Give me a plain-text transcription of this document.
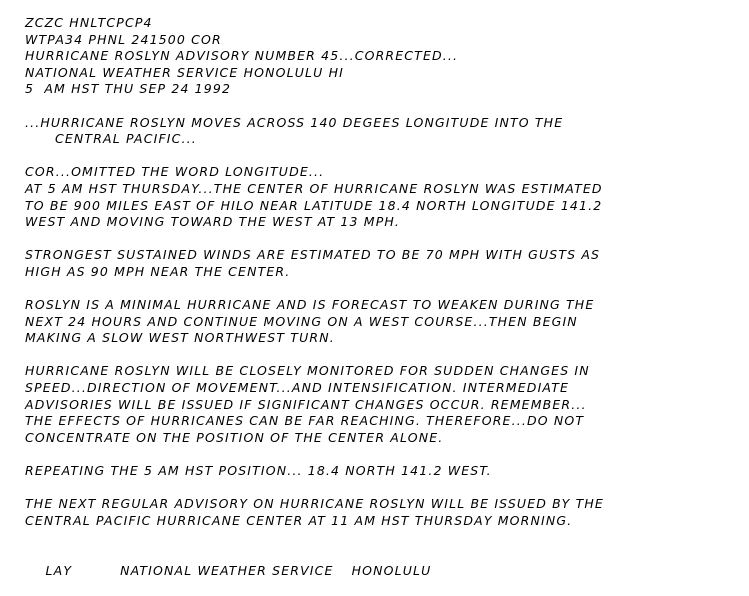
ZCZC HNLTCPCP4
WTPA34 PHNL 241500 COR
HURRICANE ROSLYN ADVISORY NUMBER 45...CORRECTED...
NATIONAL WEATHER SERVICE HONOLULU HI
5  AM HST THU SEP 24 1992
...HURRICANE ROSLYN MOVES ACROSS 140 DEGEES LONGITUDE INTO THE
CENTRAL PACIFIC...
COR...OMITTED THE WORD LONGITUDE...
AT 5 AM HST THURSDAY...THE CENTER OF HURRICANE ROSLYN WAS ESTIMATED
TO BE 900 MILES EAST OF HILO NEAR LATITUDE 18.4 NORTH LONGITUDE 141.2
WEST AND MOVING TOWARD THE WEST AT 13 MPH.
STRONGEST SUSTAINED WINDS ARE ESTIMATED TO BE 70 MPH WITH GUSTS AS
HIGH AS 90 MPH NEAR THE CENTER.
ROSLYN IS A MINIMAL HURRICANE AND IS FORECAST TO WEAKEN DURING THE
NEXT 24 HOURS AND CONTINUE MOVING ON A WEST COURSE...THEN BEGIN
MAKING A SLOW WEST NORTHWEST TURN.
HURRICANE ROSLYN WILL BE CLOSELY MONITORED FOR SUDDEN CHANGES IN
SPEED...DIRECTION OF MOVEMENT...AND INTENSIFICATION. INTERMEDIATE
ADVISORIES WILL BE ISSUED IF SIGNIFICANT CHANGES OCCUR. REMEMBER...
THE EFFECTS OF HURRICANES CAN BE FAR REACHING. THEREFORE...DO NOT
CONCENTRATE ON THE POSITION OF THE CENTER ALONE.
REPEATING THE 5 AM HST POSITION... 18.4 NORTH 141.2 WEST.
THE NEXT REGULAR ADVISORY ON HURRICANE ROSLYN WILL BE ISSUED BY THE
CENTRAL PACIFIC HURRICANE CENTER AT 11 AM HST THURSDAY MORNING.

LAY	NATIONAL WEATHER SERVICE HONOLULU
